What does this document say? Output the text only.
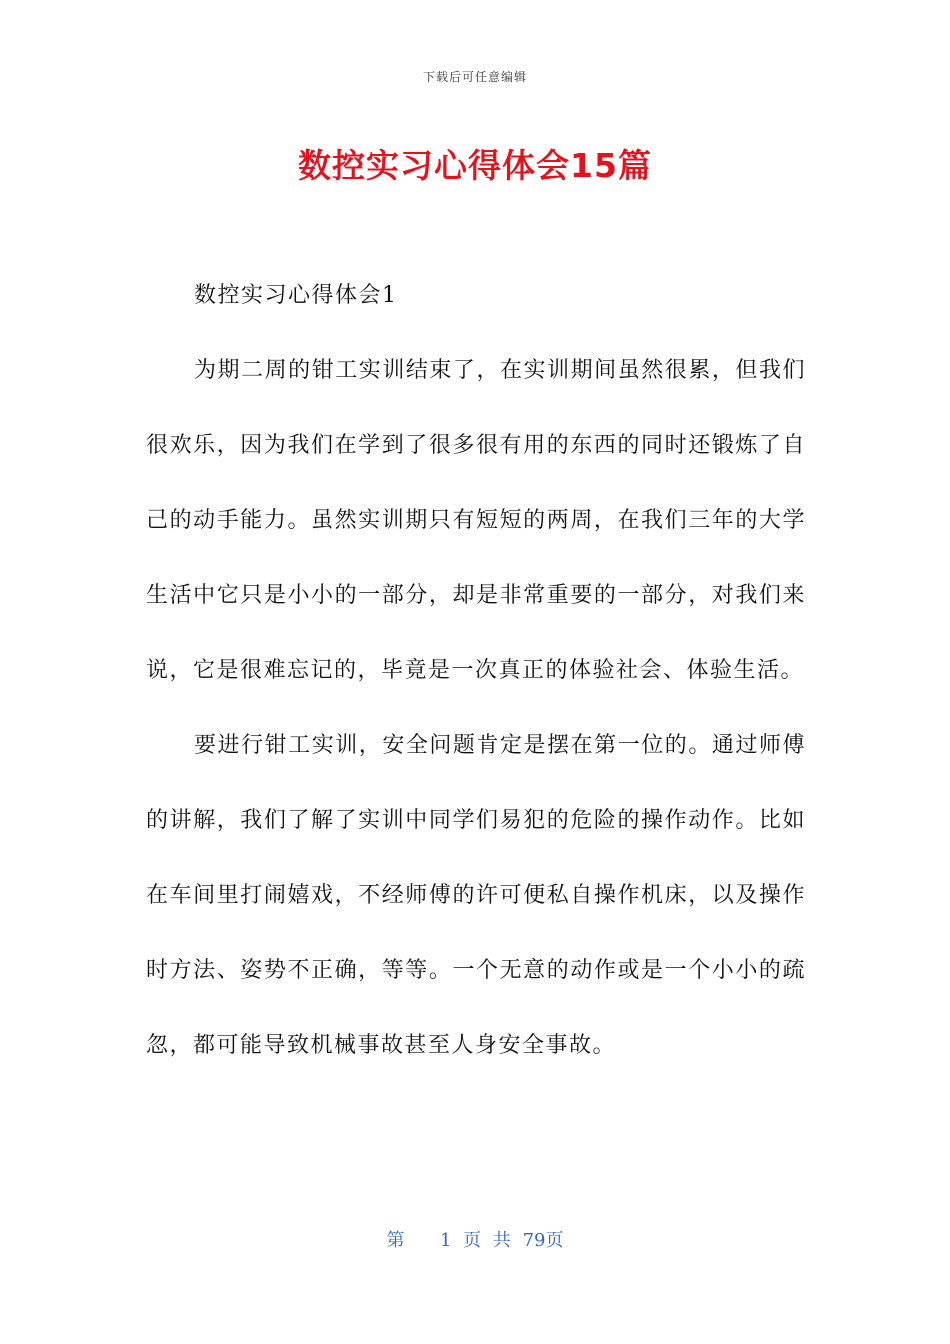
下载后可任意编辑
数控实习心得体会15篇

数控实习心得体会1

为期二周的钳工实训结束了，在实训期间虽然很累，但我们很欢乐，因为我们在学到了很多很有用的东西的同时还锻炼了自己的动手能力。虽然实训期只有短短的两周，在我们三年的大学生活中它只是小小的一部分，却是非常重要的一部分，对我们来说，它是很难忘记的，毕竟是一次真正的体验社会、体验生活。

要进行钳工实训，安全问题肯定是摆在第一位的。通过师傅的讲解，我们了解了实训中同学们易犯的危险的操作动作。比如在车间里打闹嬉戏，不经师傅的许可便私自操作机床，以及操作时方法、姿势不正确，等等。一个无意的动作或是一个小小的疏忽，都可能导致机械事故甚至人身安全事故。

第 1 页 共 79页
